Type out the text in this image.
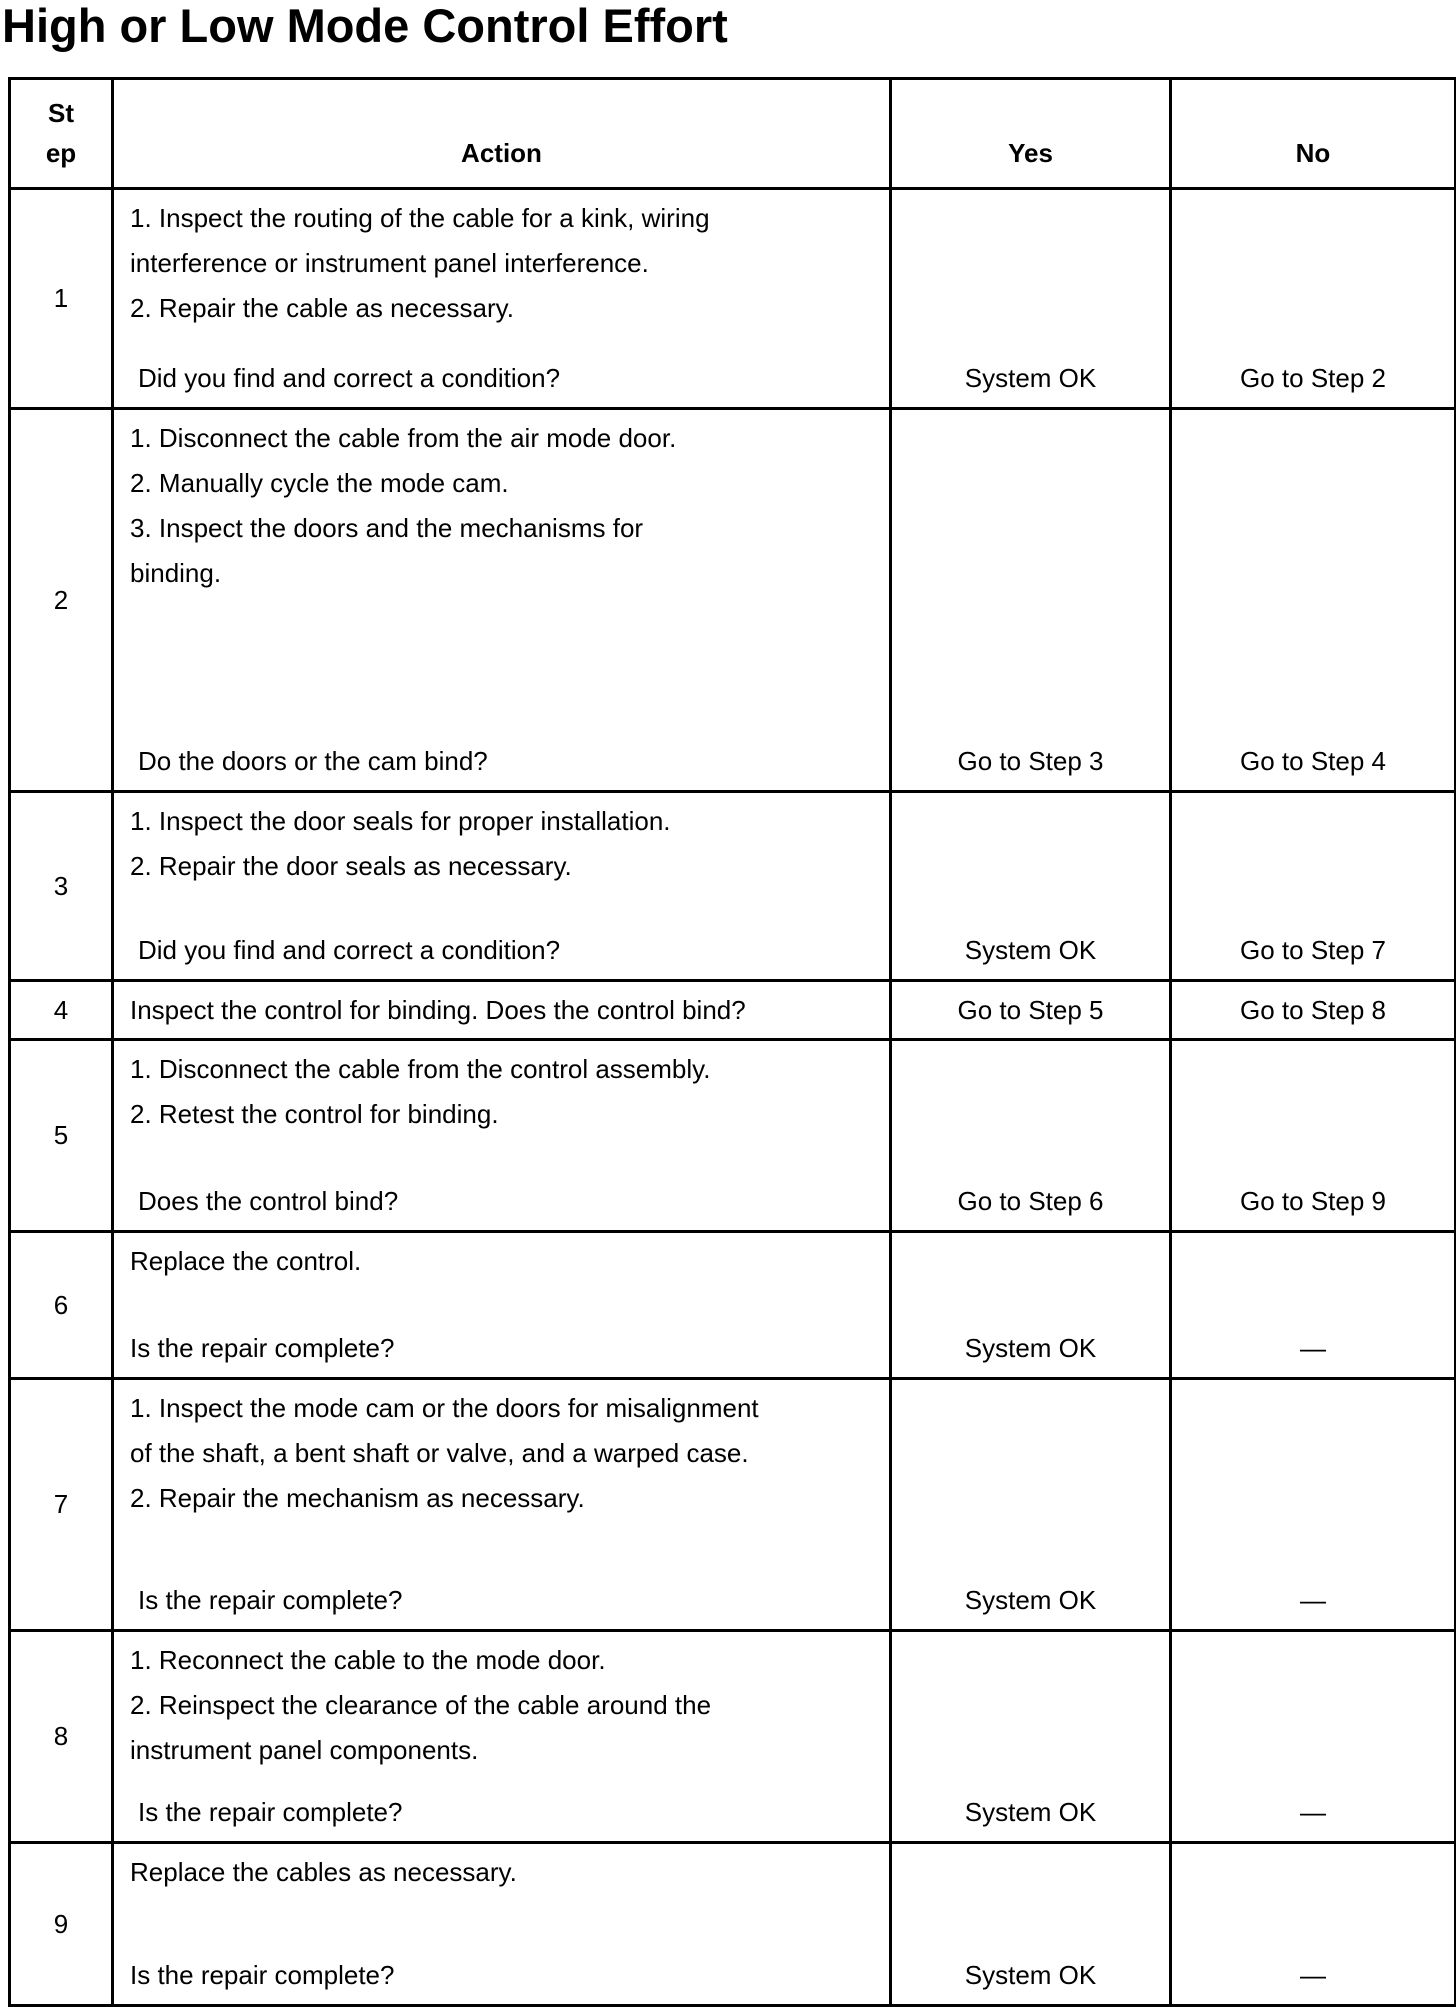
High or Low Mode Control Effort
St
ep	Action	Yes	No
1	1. Inspect the routing of the cable for a kink, wiring
interference or instrument panel interference.
2. Repair the cable as necessary.
Did you find and correct a condition?	System OK	Go to Step 2
2	1. Disconnect the cable from the air mode door.
2. Manually cycle the mode cam.
3. Inspect the doors and the mechanisms for
binding.
Do the doors or the cam bind?	Go to Step 3	Go to Step 4
3	1. Inspect the door seals for proper installation.
2. Repair the door seals as necessary.
Did you find and correct a condition?	System OK	Go to Step 7
4	Inspect the control for binding. Does the control bind?	Go to Step 5	Go to Step 8
5	1. Disconnect the cable from the control assembly.
2. Retest the control for binding.
Does the control bind?	Go to Step 6	Go to Step 9
6	Replace the control.
Is the repair complete?	System OK	—
7	1. Inspect the mode cam or the doors for misalignment
of the shaft, a bent shaft or valve, and a warped case.
2. Repair the mechanism as necessary.
Is the repair complete?	System OK	—
8	1. Reconnect the cable to the mode door.
2. Reinspect the clearance of the cable around the
instrument panel components.
Is the repair complete?	System OK	—
9	Replace the cables as necessary.
Is the repair complete?	System OK	—
